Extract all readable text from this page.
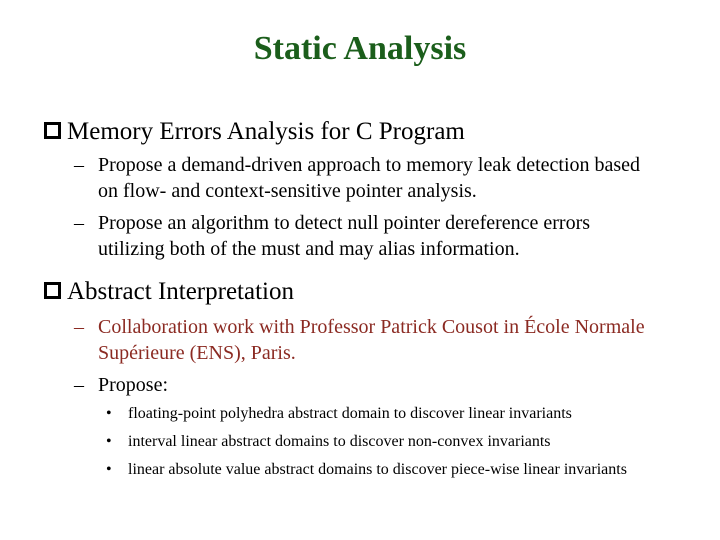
Static Analysis
Memory Errors Analysis for C Program
– Propose a demand-driven approach to memory leak detection based on flow- and context-sensitive pointer analysis.
– Propose an algorithm to detect null pointer dereference errors utilizing both of the must and may alias information.
Abstract Interpretation
– Collaboration work with Professor Patrick Cousot in École Normale Supérieure (ENS), Paris.
– Propose:
•	floating-point polyhedra abstract domain to discover linear invariants
•	interval linear abstract domains to discover non-convex invariants
•	linear absolute value abstract domains to discover piece-wise linear invariants
